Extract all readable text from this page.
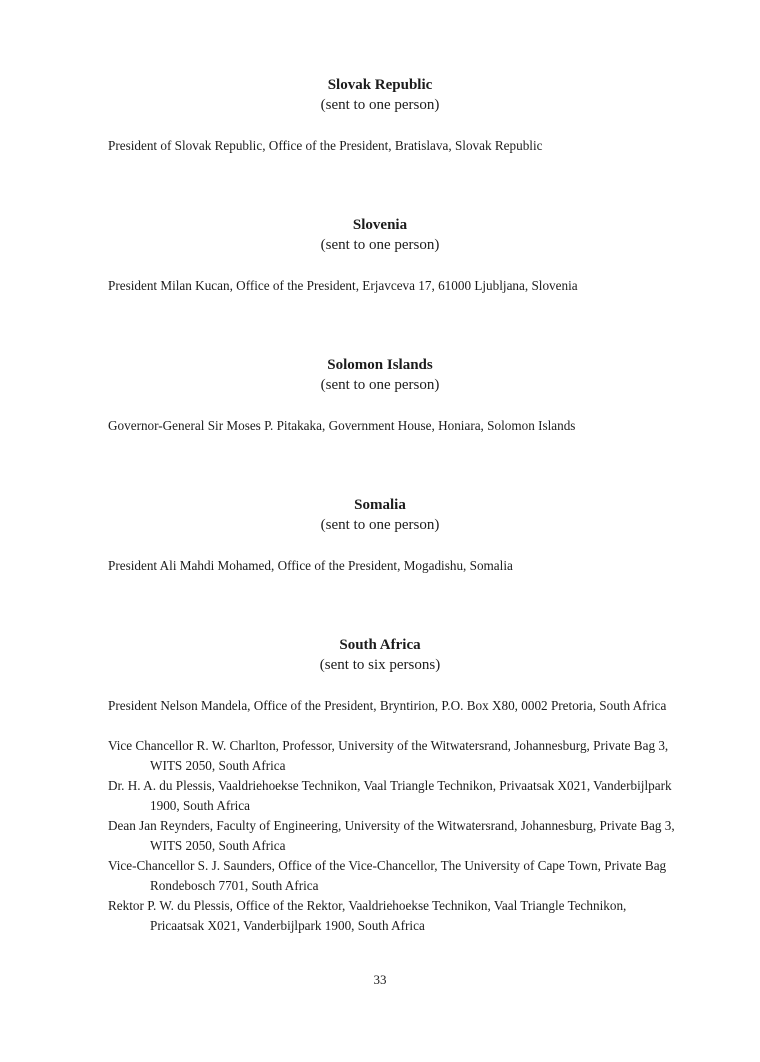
Slovak Republic
(sent to one person)
President of Slovak Republic, Office of the President, Bratislava, Slovak Republic
Slovenia
(sent to one person)
President Milan Kucan, Office of the President, Erjavceva 17, 61000 Ljubljana, Slovenia
Solomon Islands
(sent to one person)
Governor-General Sir Moses P. Pitakaka, Government House, Honiara, Solomon Islands
Somalia
(sent to one person)
President Ali Mahdi Mohamed, Office of the President, Mogadishu, Somalia
South Africa
(sent to six persons)
President Nelson Mandela, Office of the President, Bryntirion, P.O. Box X80, 0002 Pretoria, South Africa
Vice Chancellor R. W. Charlton, Professor, University of the Witwatersrand, Johannesburg, Private Bag 3,
WITS 2050, South Africa
Dr. H. A. du Plessis, Vaaldriehoekse Technikon, Vaal Triangle Technikon, Privaatsak X021, Vanderbijlpark
1900, South Africa
Dean Jan Reynders, Faculty of Engineering, University of the Witwatersrand, Johannesburg, Private Bag 3,
WITS 2050, South Africa
Vice-Chancellor S. J. Saunders, Office of the Vice-Chancellor, The University of Cape Town, Private Bag
Rondebosch 7701, South Africa
Rektor P. W. du Plessis, Office of the Rektor, Vaaldriehoekse Technikon, Vaal Triangle Technikon,
Pricaatsak X021, Vanderbijlpark 1900, South Africa
33
